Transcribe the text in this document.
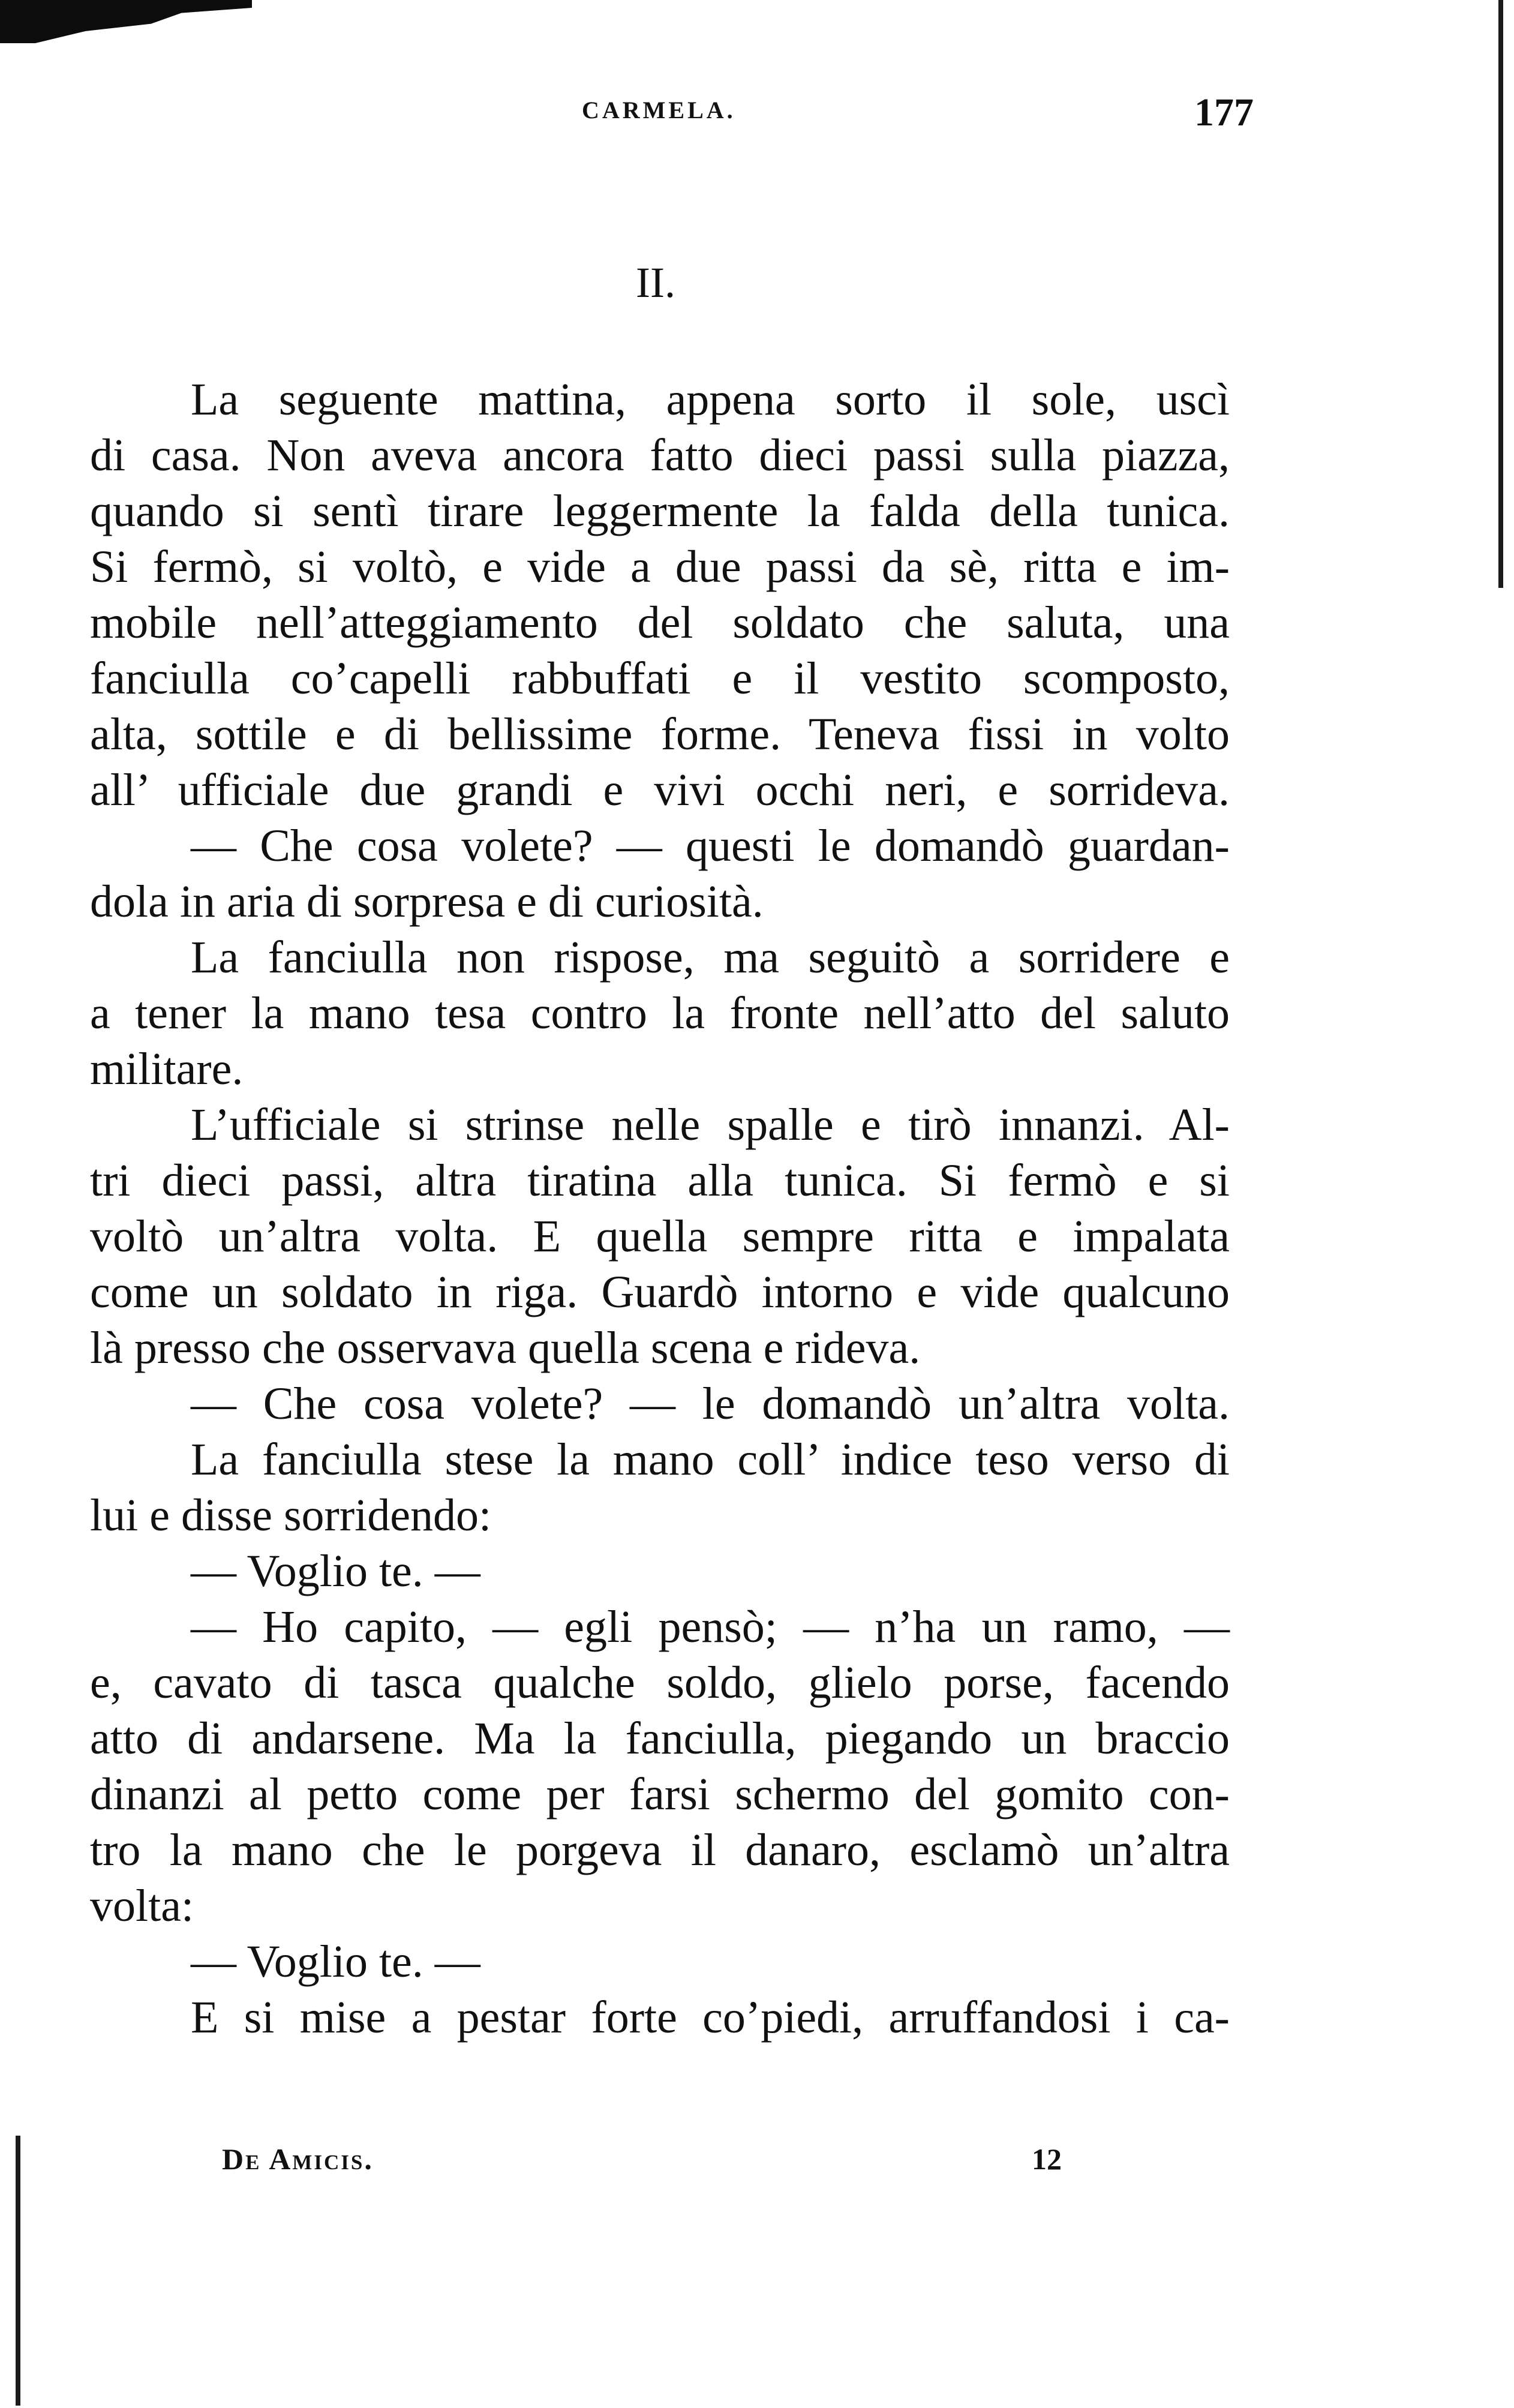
CARMELA.	177
II.
La seguente mattina, appena sorto il sole, uscì
di casa. Non aveva ancora fatto dieci passi sulla piazza,
quando si sentì tirare leggermente la falda della tunica.
Si fermò, si voltò, e vide a due passi da sè, ritta e im-
mobile nell’atteggiamento del soldato che saluta, una
fanciulla co’capelli rabbuffati e il vestito scomposto,
alta, sottile e di bellissime forme. Teneva fissi in volto
all’ ufficiale due grandi e vivi occhi neri, e sorrideva.
— Che cosa volete? — questi le domandò guardan-
dola in aria di sorpresa e di curiosità.
La fanciulla non rispose, ma seguitò a sorridere e
a tener la mano tesa contro la fronte nell’atto del saluto
militare.
L’ufficiale si strinse nelle spalle e tirò innanzi. Al-
tri dieci passi, altra tiratina alla tunica. Si fermò e si
voltò un’altra volta. E quella sempre ritta e impalata
come un soldato in riga. Guardò intorno e vide qualcuno
là presso che osservava quella scena e rideva.
— Che cosa volete? — le domandò un’altra volta.
La fanciulla stese la mano coll’ indice teso verso di
lui e disse sorridendo:
— Voglio te. —
— Ho capito, — egli pensò; — n’ha un ramo, —
e, cavato di tasca qualche soldo, glielo porse, facendo
atto di andarsene. Ma la fanciulla, piegando un braccio
dinanzi al petto come per farsi schermo del gomito con-
tro la mano che le porgeva il danaro, esclamò un’altra
volta:
— Voglio te. —
E si mise a pestar forte co’piedi, arruffandosi i ca-
De Amicis.	12
